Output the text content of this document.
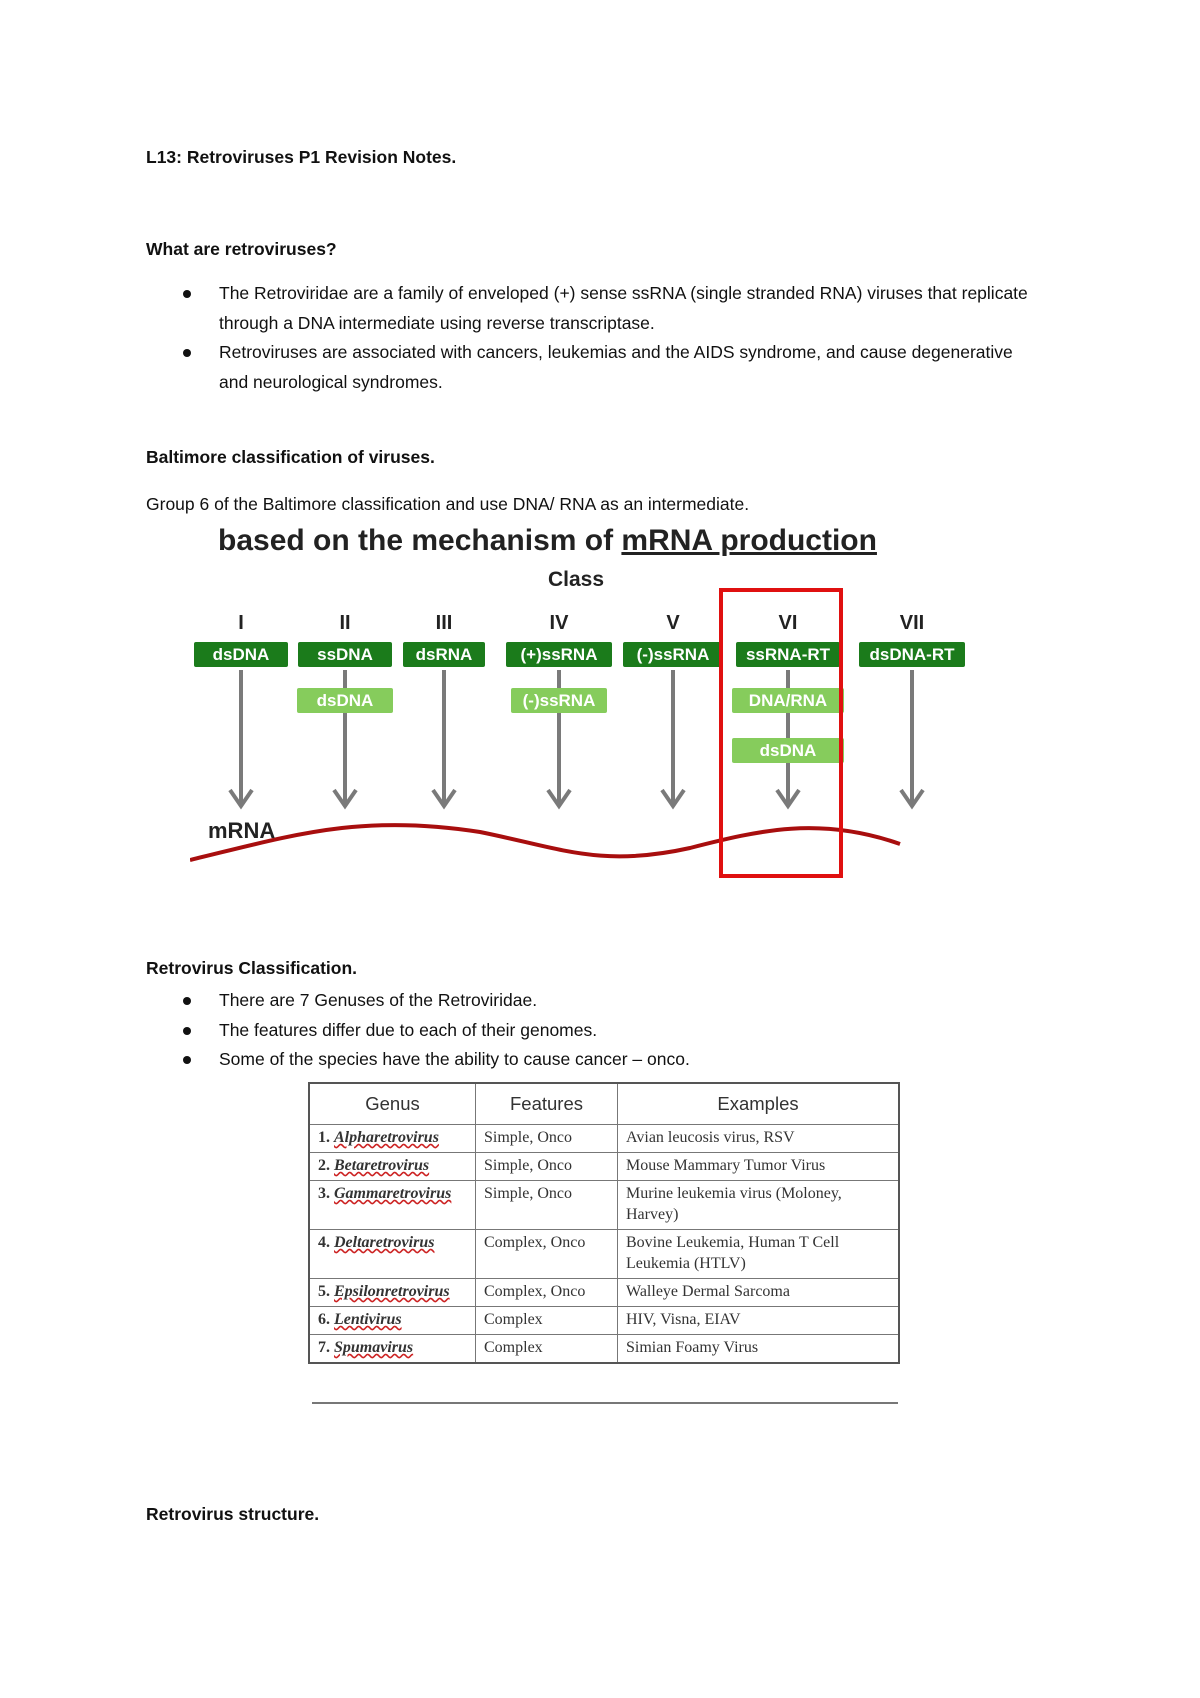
L13: Retroviruses P1 Revision Notes.
What are retroviruses?
The Retroviridae are a family of enveloped (+) sense ssRNA (single stranded RNA) viruses that replicate through a DNA intermediate using reverse transcriptase.
Retroviruses are associated with cancers, leukemias and the AIDS syndrome, and cause degenerative and neurological syndromes.
Baltimore classification of viruses.
Group 6 of the Baltimore classification and use DNA/ RNA as an intermediate.
based on the mechanism of mRNA production
Class
I
dsDNA
II
ssDNA
dsDNA
III
dsRNA
IV
(+)ssRNA
(-)ssRNA
V
(-)ssRNA
VI
ssRNA-RT
DNA/RNA
dsDNA
VII
dsDNA-RT
mRNA
Retrovirus Classification.
There are 7 Genuses of the Retroviridae.
The features differ due to each of their genomes.
Some of the species have the ability to cause cancer – onco.
Genus	Features	Examples
1. Alpharetrovirus	Simple, Onco	Avian leucosis virus, RSV
2. Betaretrovirus	Simple, Onco	Mouse Mammary Tumor Virus
3. Gammaretrovirus	Simple, Onco	Murine leukemia virus (Moloney, Harvey)
4. Deltaretrovirus	Complex, Onco	Bovine Leukemia, Human T Cell Leukemia (HTLV)
5. Epsilonretrovirus	Complex, Onco	Walleye Dermal Sarcoma
6. Lentivirus	Complex	HIV, Visna, EIAV
7. Spumavirus	Complex	Simian Foamy Virus
Retrovirus structure.
